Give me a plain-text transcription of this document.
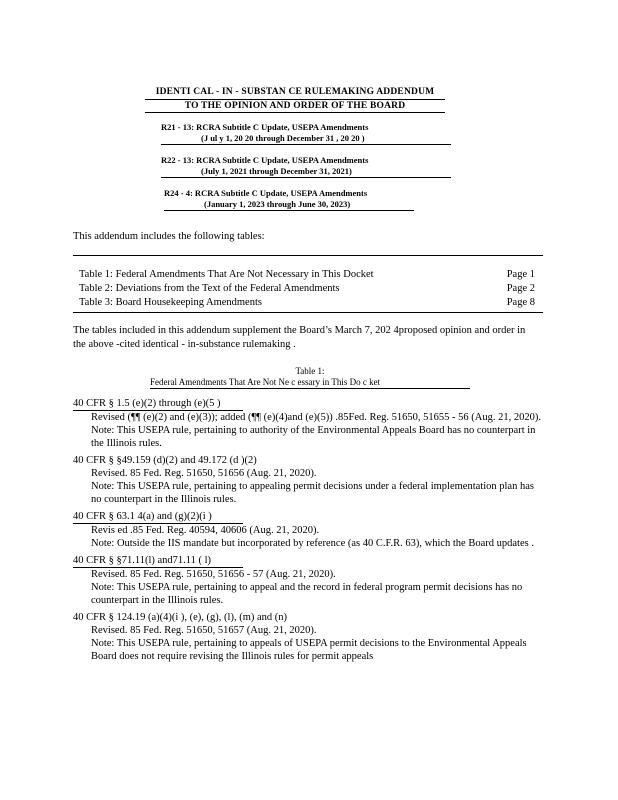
IDENTI CAL - IN - SUBSTAN CE RULEMAKING ADDENDUM
TO THE OPINION AND ORDER OF THE BOARD
R21 - 13: RCRA Subtitle C Update, USEPA Amendments
(J ul y 1, 20 20 through December 31 , 20 20 )
R22 - 13: RCRA Subtitle C Update, USEPA Amendments
(July 1, 2021 through December 31, 2021)
R24 - 4: RCRA Subtitle C Update, USEPA Amendments
(January 1, 2023 through June 30, 2023)
This addendum includes the following tables:
Table 1: Federal Amendments That Are Not Necessary in This Docket	Page 1
Table 2: Deviations from the Text of the Federal Amendments	Page 2
Table 3: Board Housekeeping Amendments	Page 8
The tables included in this addendum supplement the Board’s March 7, 202 4proposed opinion and order in the above -cited identical - in-substance rulemaking .
Table 1:
Federal Amendments That Are Not Ne c essary in This Do c ket
40 CFR § 1.5 (e)(2) through (e)(5 )
Revised (¶¶ (e)(2) and (e)(3)); added (¶¶ (e)(4)and (e)(5)) .85Fed. Reg. 51650, 51655 - 56 (Aug. 21, 2020).
Note: This USEPA rule, pertaining to authority of the Environmental Appeals Board has no counterpart in the Illinois rules.
40 CFR § §49.159 (d)(2) and 49.172 (d )(2)
Revised. 85 Fed. Reg. 51650, 51656 (Aug. 21, 2020).
Note: This USEPA rule, pertaining to appealing permit decisions under a federal implementation plan has no counterpart in the Illinois rules.
40 CFR § 63.1 4(a) and (g)(2)(i )
Revis ed .85 Fed. Reg. 40594, 40606 (Aug. 21, 2020).
Note: Outside the IIS mandate but incorporated by reference (as 40 C.F.R. 63), which the Board updates .
40 CFR § §71.11(l) and71.11 ( l)
Revised. 85 Fed. Reg. 51650, 51656 - 57 (Aug. 21, 2020).
Note: This USEPA rule, pertaining to appeal and the record in federal program permit decisions has no counterpart in the Illinois rules.
40 CFR § 124.19 (a)(4)(i ), (e), (g), (l), (m) and (n)
Revised. 85 Fed. Reg. 51650, 51657 (Aug. 21, 2020).
Note: This USEPA rule, pertaining to appeals of USEPA permit decisions to the Environmental Appeals Board does not require revising the Illinois rules for permit appeals
